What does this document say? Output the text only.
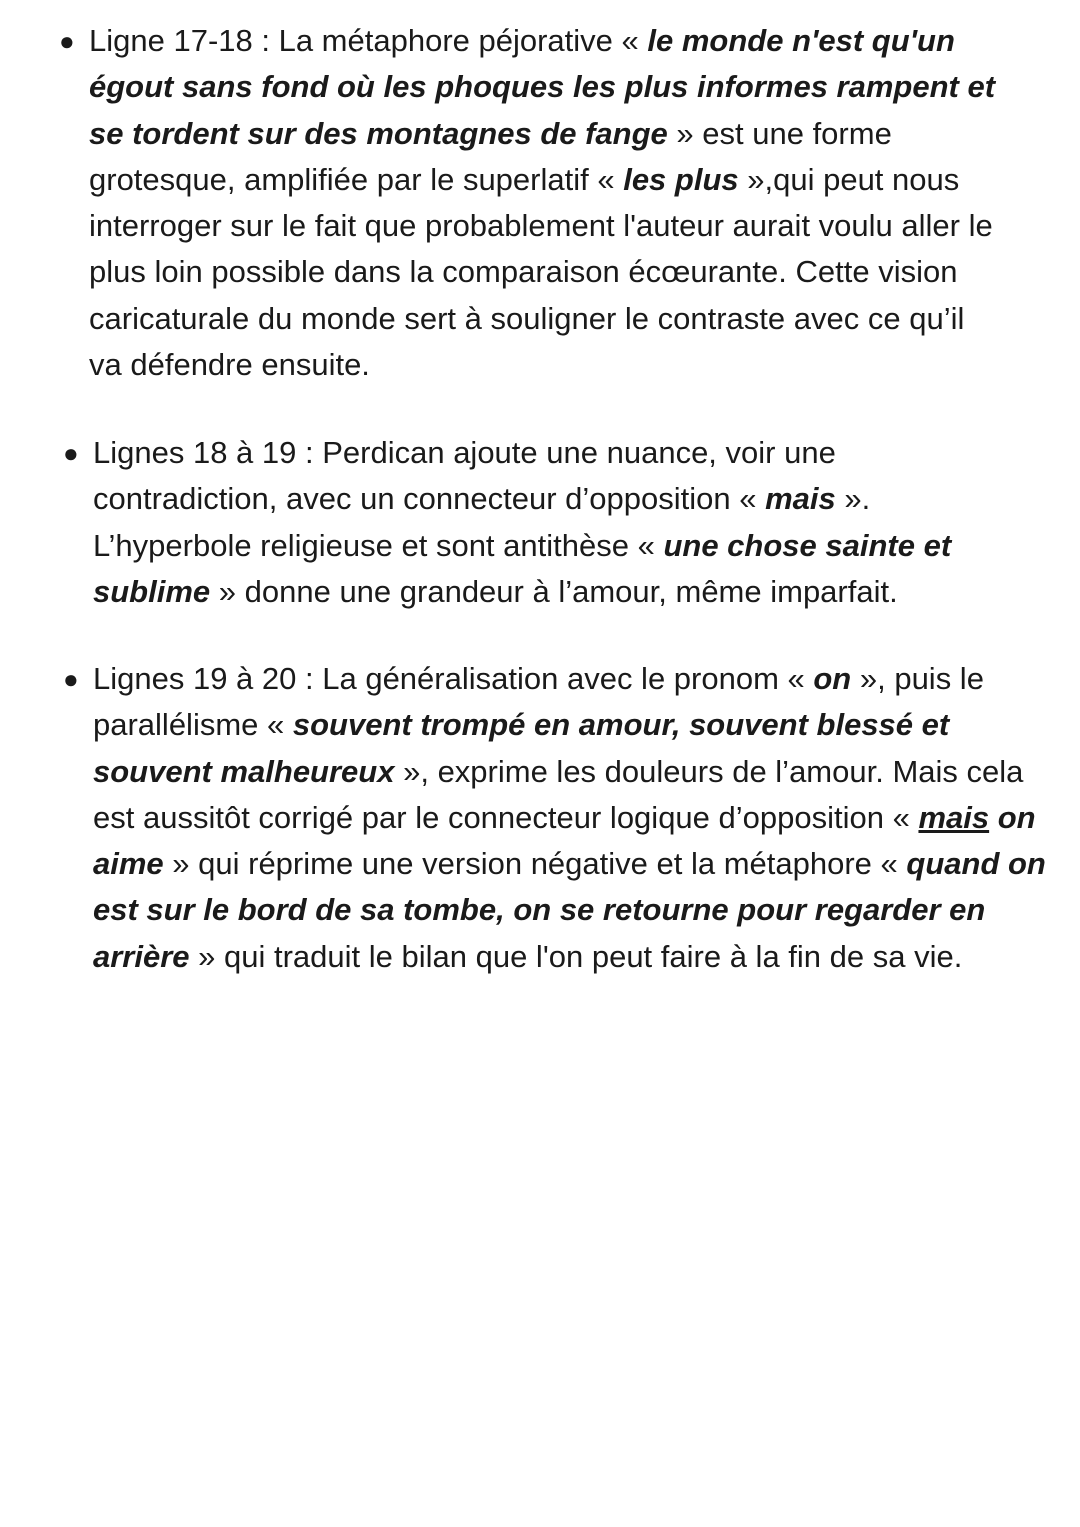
● Ligne 17-18 : La métaphore péjorative « le monde n'est qu'un

égout sans fond où les phoques les plus informes rampent et

se tordent sur des montagnes de fange » est une forme

grotesque, amplifiée par le superlatif « les plus »,qui peut nous

interroger sur le fait que probablement l'auteur aurait voulu aller le

plus loin possible dans la comparaison écœurante. Cette vision

caricaturale du monde sert à souligner le contraste avec ce qu’il

va défendre ensuite.

● Lignes 18 à 19 : Perdican ajoute une nuance, voir une

contradiction, avec un connecteur d’opposition « mais ».

L’hyperbole religieuse et sont antithèse « une chose sainte et

sublime » donne une grandeur à l’amour, même imparfait.

● Lignes 19 à 20 : La généralisation avec le pronom « on », puis le

parallélisme « souvent trompé en amour, souvent blessé et

souvent malheureux », exprime les douleurs de l’amour. Mais cela

est aussitôt corrigé par le connecteur logique d’opposition « mais on

aime » qui réprime une version négative et la métaphore « quand on

est sur le bord de sa tombe, on se retourne pour regarder en

arrière » qui traduit le bilan que l'on peut faire à la fin de sa vie.
